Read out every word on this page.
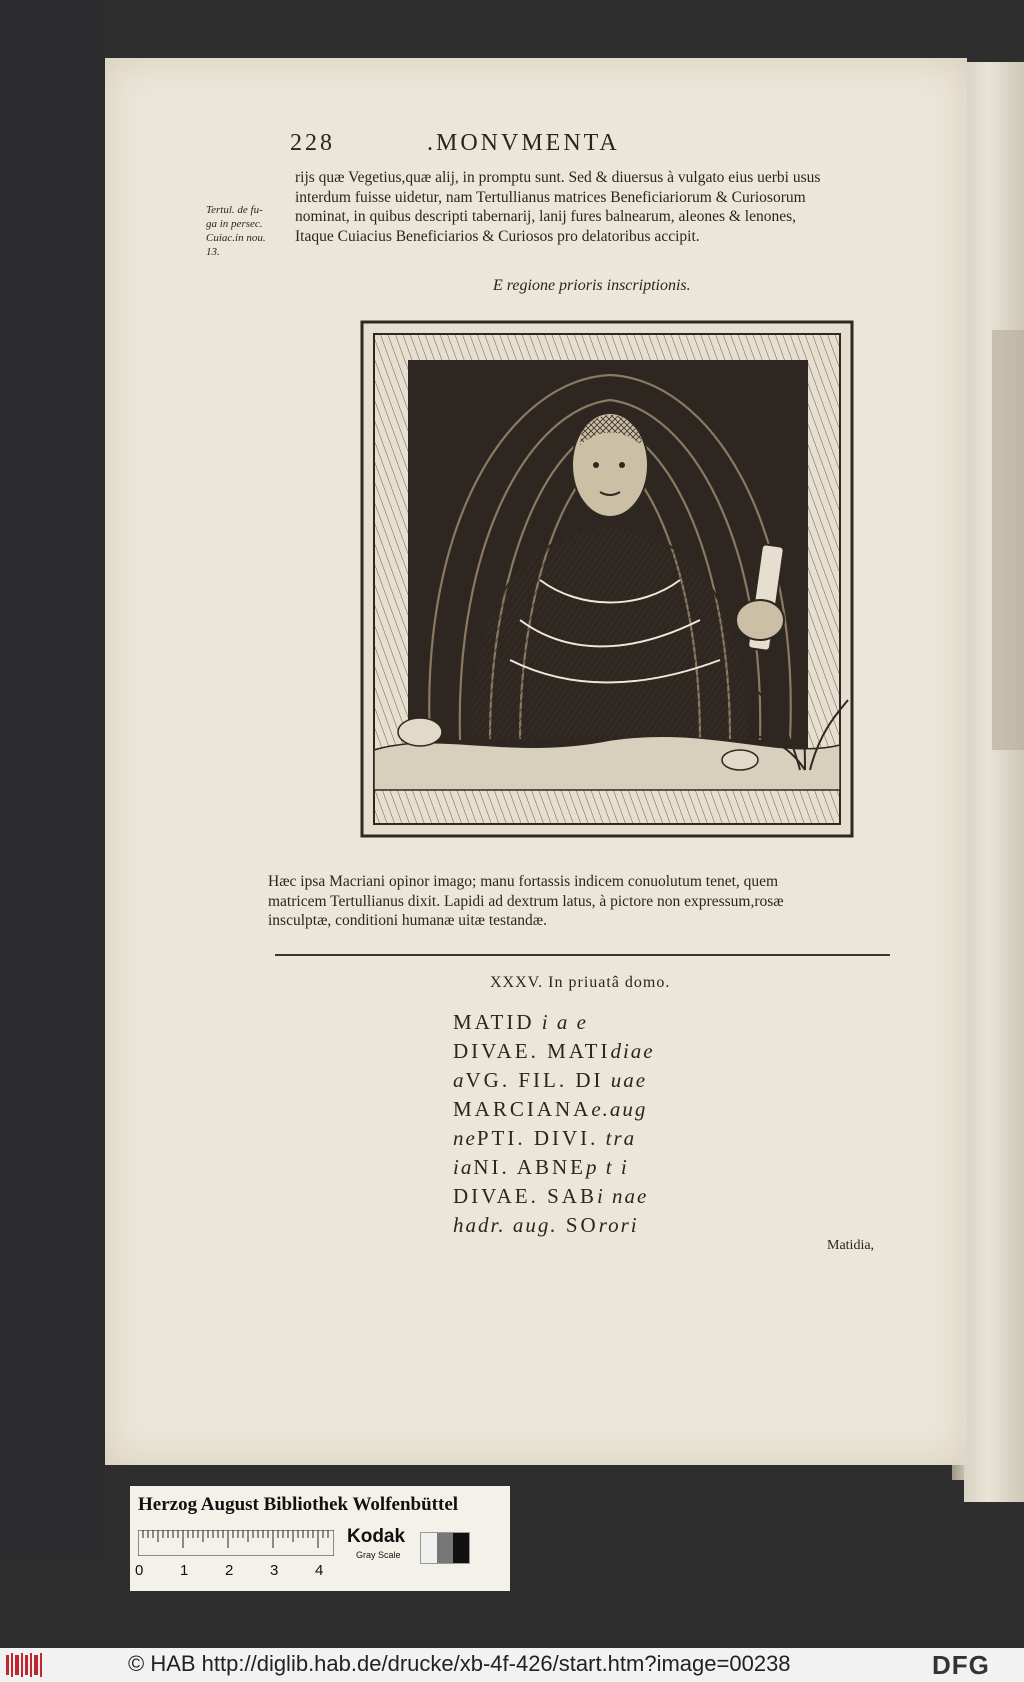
228	.MONVMENTA
rijs quæ Vegetius,quæ alij, in promptu sunt. Sed & diuersus à vulgato eius uerbi usus
interdum fuisse uidetur, nam Tertullianus matrices Beneficiariorum & Curiosorum
nominat, in quibus descripti tabernarij, lanij fures balnearum, aleones & lenones,
Itaque Cuiacius Beneficiarios & Curiosos pro delatoribus accipit.
Tertul. de fu-
ga in persec.
Cuiac.in nou.
13.
E regione prioris inscriptionis.
Hæc ipsa Macriani opinor imago; manu fortassis indicem conuolutum tenet, quem
matricem Tertullianus dixit. Lapidi ad dextrum latus, à pictore non expressum,rosæ
insculptæ, conditioni humanæ uitæ testandæ.
XXXV. In priuatâ domo.
MATID i a e
DIVAE. MATIdiae
aVG. FIL. DI uae
MARCIANAe.aug
nePTI. DIVI. tra
iaNI. ABNEp t i
DIVAE. SABi nae
hadr. aug. SOrori
Matidia,
Herzog August Bibliothek Wolfenbüttel
0 1 2 3 4
Kodak
Gray Scale
© HAB http://diglib.hab.de/drucke/xb-4f-426/start.htm?image=00238	DFG
